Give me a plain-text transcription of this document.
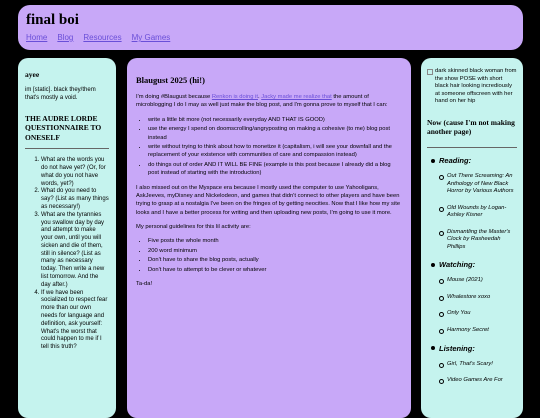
final boi
Home Blog Resources My Games
ayee
im [static]. black they/them that's mostly a void.
THE AUDRE LORDE QUESTIONNAIRE TO ONESELF
1. What are the words you do not have yet? (Or, for what do you not have words, yet?)
2. What do you need to say? (List as many things as necessary!)
3. What are the tyrannies you swallow day by day and attempt to make your own, until you will sicken and die of them, still in silence? (List as many as necessary today. Then write a new list tomorrow. And the day after.)
4. If we have been socialized to respect fear more than our own needs for language and definition, ask yourself: What's the worst that could happen to me if I tell this truth?
Blaugust 2025 (hi!)

I'm doing #Blaugust because Renkon is doing it. Jacky made me realize that the amount of microblogging I do I may as well just make the blog post, and I'm gonna prove to myself that I can:

• write a little bit more (not necessarily everyday AND THAT IS GOOD)
• use the energy I spend on doomscrolling/angryposting on making a cohesive (to me) blog post instead
• write without trying to think about how to monetize it (capitalism, i will see your downfall and the replacement of your existence with communities of care and compassion instead)
• do things out of order AND IT WILL BE FINE (example is this post because I already did a blog post instead of starting with the introduction)

I also missed out on the Myspace era because I mostly used the computer to use Yahooligans, AskJeeves, myDisney and Nickelodeon, and games that didn't connect to other players and have been trying to grasp at a nostalgia I've been on the fringes of by getting neocities. Now that I like how my site looks and I have a better process for writing and then uploading new posts, I'm going to use it more.

My personal guidelines for this lil activity are:

• Five posts the whole month
• 200 word minimum
• Don't have to share the blog posts, actually
• Don't have to attempt to be clever or whatever

Ta-da!

dark skinned black woman from the show POSE with short black hair looking incrediously at someone offscreen with her hand on her hip
Now (cause I'm not making another page)
Reading:
Out There Screaming: An Anthology of New Black Horror by Various Authors
Old Wounds by Logan-Ashley Kisner
Dismantling the Master's Clock by Rasheedah Phillips
Watching:
Mouse (2021)
Whalestore xoxo
Only You
Harmony Secret
Listening:
Girl, That's Scary!
Video Games Are For
